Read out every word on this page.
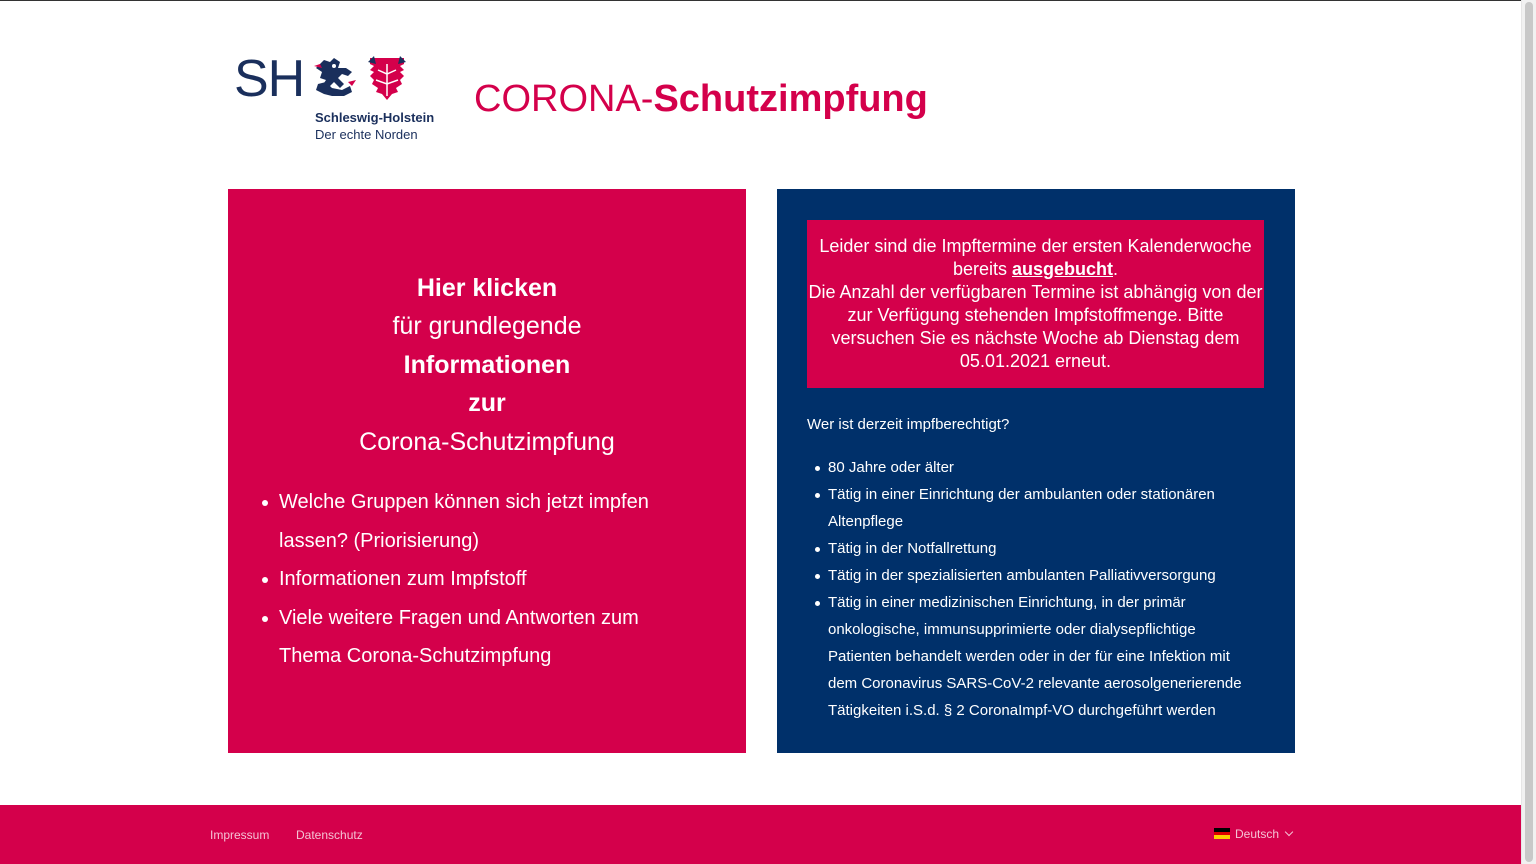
SH
Schleswig-Holstein
Der echte Norden
CORONA-Schutzimpfung
Hier klicken
für grundlegende
Informationen
zur
Corona-Schutzimpfung
Welche Gruppen können sich jetzt impfen lassen? (Priorisierung)
Informationen zum Impfstoff
Viele weitere Fragen und Antworten zum Thema Corona-Schutzimpfung
Leider sind die Impftermine der ersten Kalenderwoche bereits ausgebucht.
Die Anzahl der verfügbaren Termine ist abhängig von der zur Verfügung stehenden Impfstoffmenge. Bitte versuchen Sie es nächste Woche ab Dienstag dem 05.01.2021 erneut.
Wer ist derzeit impfberechtigt?
80 Jahre oder älter
Tätig in einer Einrichtung der ambulanten oder stationären Altenpflege
Tätig in der Notfallrettung
Tätig in der spezialisierten ambulanten Palliativversorgung
Tätig in einer medizinischen Einrichtung, in der primär onkologische, immunsupprimierte oder dialysepflichtige Patienten behandelt werden oder in der für eine Infektion mit dem Coronavirus SARS-CoV-2 relevante aerosolgenerierende Tätigkeiten i.S.d. § 2 CoronaImpf-VO durchgeführt werden
Impressum Datenschutz	Deutsch
